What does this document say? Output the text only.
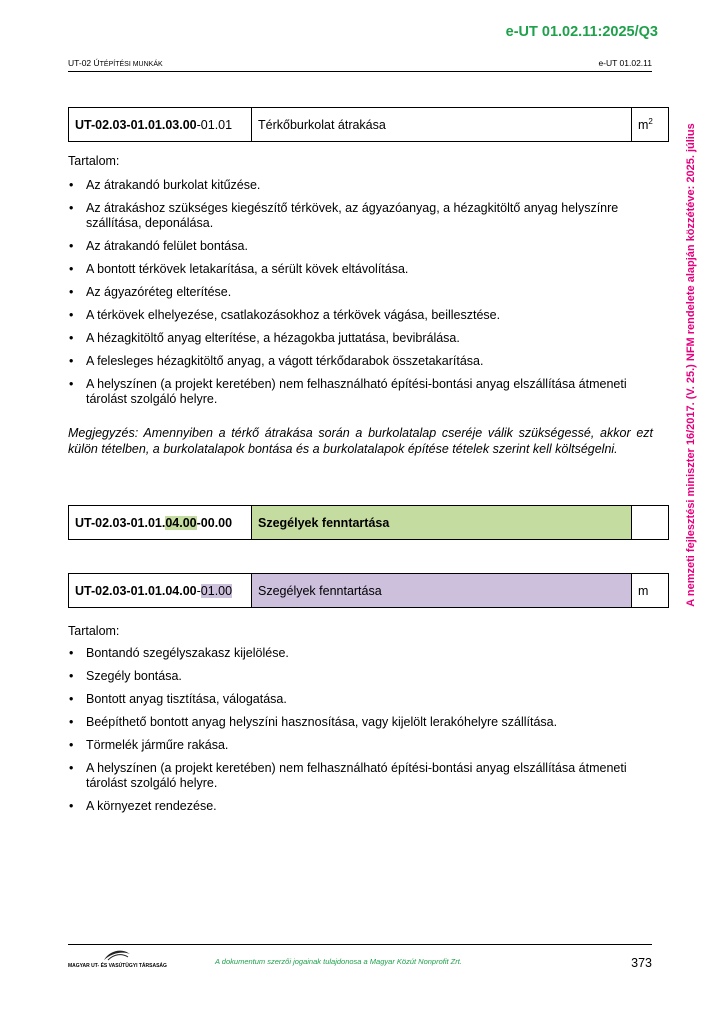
e-UT 01.02.11:2025/Q3
UT-02 ÚTÉPÍTÉSI MUNKÁK	e-UT 01.02.11
A nemzeti fejlesztési miniszter 16/2017. (V. 25.) NFM rendelete alapján közzétéve: 2025. július
UT-02.03-01.01.03.00-01.01	Térkőburkolat átrakása	$m^2$
Tartalom:
• Az átrakandó burkolat kitűzése.
• Az átrakáshoz szükséges kiegészítő térkövek, az ágyazóanyag, a hézagkitöltő anyag helyszínre szállítása, deponálása.
• Az átrakandó felület bontása.
• A bontott térkövek letakarítása, a sérült kövek eltávolítása.
• Az ágyazóréteg elterítése.
• A térkövek elhelyezése, csatlakozásokhoz a térkövek vágása, beillesztése.
• A hézagkitöltő anyag elterítése, a hézagokba juttatása, bevibrálása.
• A felesleges hézagkitöltő anyag, a vágott térkődarabok összetakarítása.
• A helyszínen (a projekt keretében) nem felhasználható építési-bontási anyag elszállítása átmeneti tárolást szolgáló helyre.
Megjegyzés: Amennyiben a térkő átrakása során a burkolatalap cseréje válik szükségessé, akkor ezt külön tételben, a burkolatalapok bontása és a burkolatalapok építése tételek szerint kell költségelni.
UT-02.03-01.01.04.00-00.00	Szegélyek fenntartása	
UT-02.03-01.01.04.00-01.00	Szegélyek fenntartása	m
Tartalom:
• Bontandó szegélyszakasz kijelölése.
• Szegély bontása.
• Bontott anyag tisztítása, válogatása.
• Beépíthető bontott anyag helyszíni hasznosítása, vagy kijelölt lerakóhelyre szállítása.
• Törmelék járműre rakása.
• A helyszínen (a projekt keretében) nem felhasználható építési-bontási anyag elszállítása átmeneti tárolást szolgáló helyre.
• A környezet rendezése.
MAGYAR UT- ÉS VASÚTÜGYI TÁRSASÁG	A dokumentum szerzői jogainak tulajdonosa a Magyar Közút Nonprofit Zrt.	373
